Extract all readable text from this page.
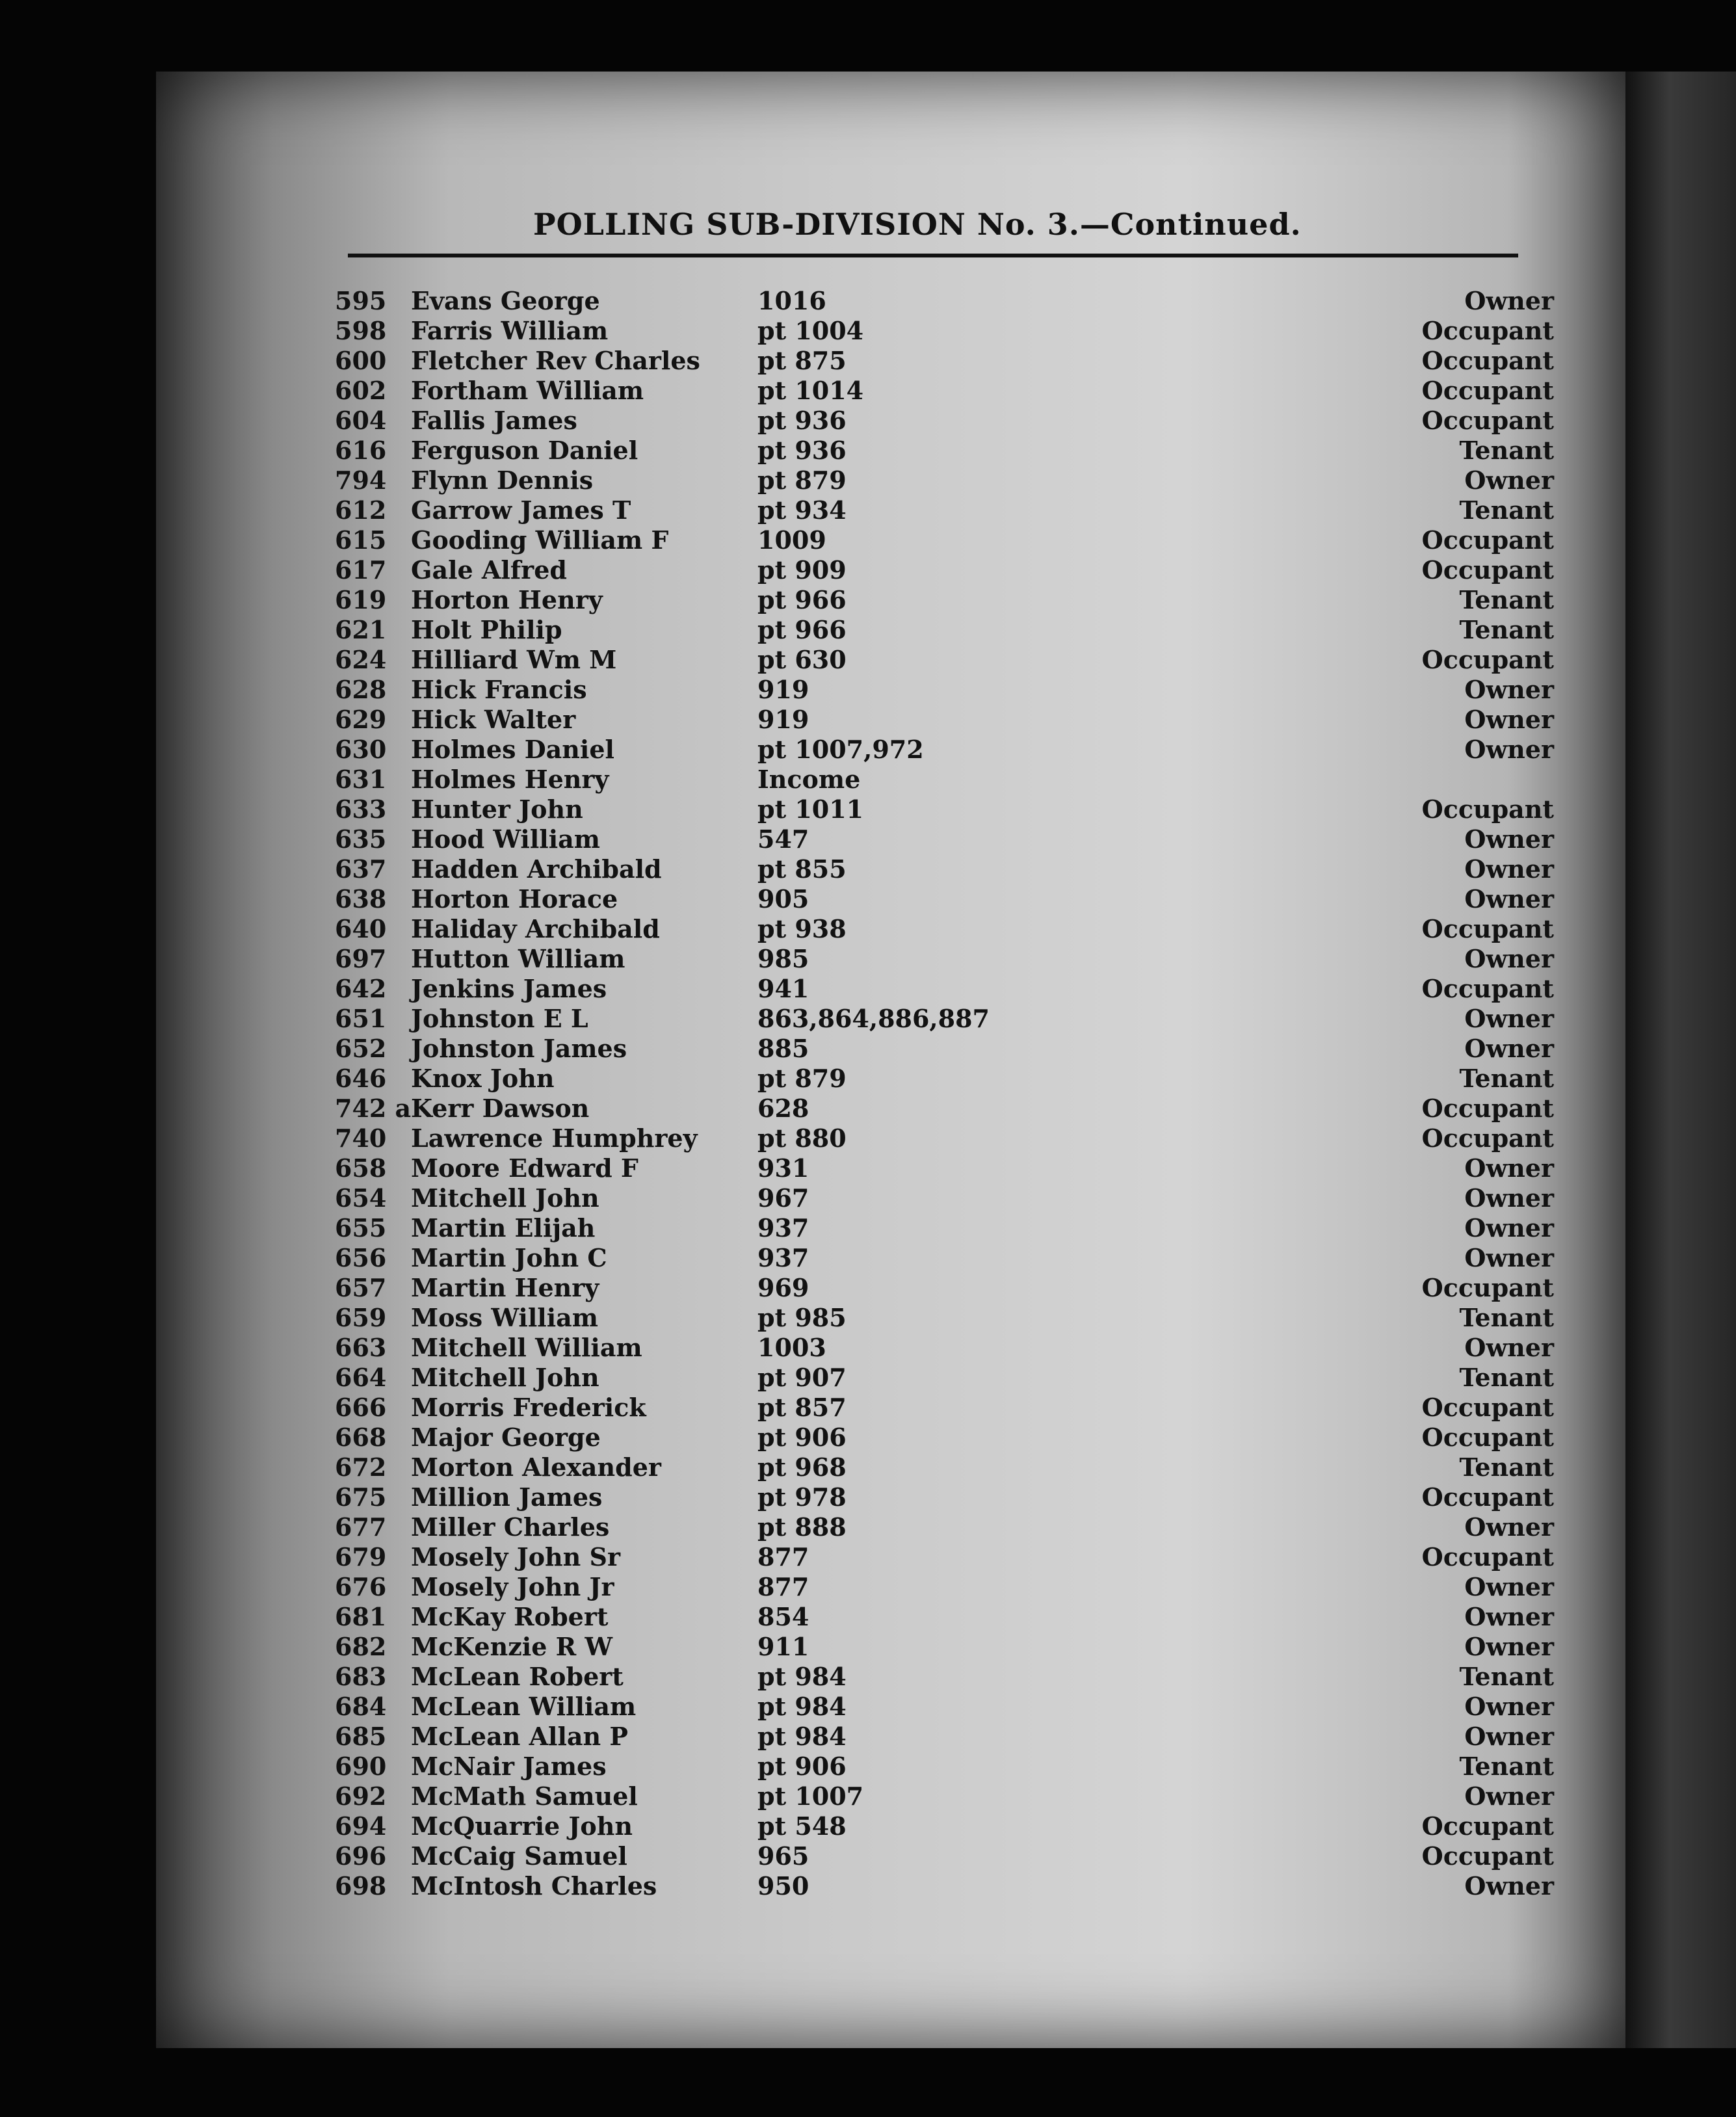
POLLING SUB-DIVISION No. 3.—Continued.
595 Evans George	1016	Owner
598 Farris William	pt 1004	Occupant
600 Fletcher Rev Charles	pt 875	Occupant
602 Fortham William	pt 1014	Occupant
604 Fallis James	pt 936	Occupant
616 Ferguson Daniel	pt 936	Tenant
794 Flynn Dennis	pt 879	Owner
612 Garrow James T	pt 934	Tenant
615 Gooding William F	1009	Occupant
617 Gale Alfred	pt 909	Occupant
619 Horton Henry	pt 966	Tenant
621 Holt Philip	pt 966	Tenant
624 Hilliard Wm M	pt 630	Occupant
628 Hick Francis	919	Owner
629 Hick Walter	919	Owner
630 Holmes Daniel	pt 1007,972	Owner
631 Holmes Henry	Income
633 Hunter John	pt 1011	Occupant
635 Hood William	547	Owner
637 Hadden Archibald	pt 855	Owner
638 Horton Horace	905	Owner
640 Haliday Archibald	pt 938	Occupant
697 Hutton William	985	Owner
642 Jenkins James	941	Occupant
651 Johnston E L	863,864,886,887	Owner
652 Johnston James	885	Owner
646 Knox John	pt 879	Tenant
742 a Kerr Dawson	628	Occupant
740 Lawrence Humphrey	pt 880	Occupant
658 Moore Edward F	931	Owner
654 Mitchell John	967	Owner
655 Martin Elijah	937	Owner
656 Martin John C	937	Owner
657 Martin Henry	969	Occupant
659 Moss William	pt 985	Tenant
663 Mitchell William	1003	Owner
664 Mitchell John	pt 907	Tenant
666 Morris Frederick	pt 857	Occupant
668 Major George	pt 906	Occupant
672 Morton Alexander	pt 968	Tenant
675 Million James	pt 978	Occupant
677 Miller Charles	pt 888	Owner
679 Mosely John Sr	877	Occupant
676 Mosely John Jr	877	Owner
681 McKay Robert	854	Owner
682 McKenzie R W	911	Owner
683 McLean Robert	pt 984	Tenant
684 McLean William	pt 984	Owner
685 McLean Allan P	pt 984	Owner
690 McNair James	pt 906	Tenant
692 McMath Samuel	pt 1007	Owner
694 McQuarrie John	pt 548	Occupant
696 McCaig Samuel	965	Occupant
698 McIntosh Charles	950	Owner
